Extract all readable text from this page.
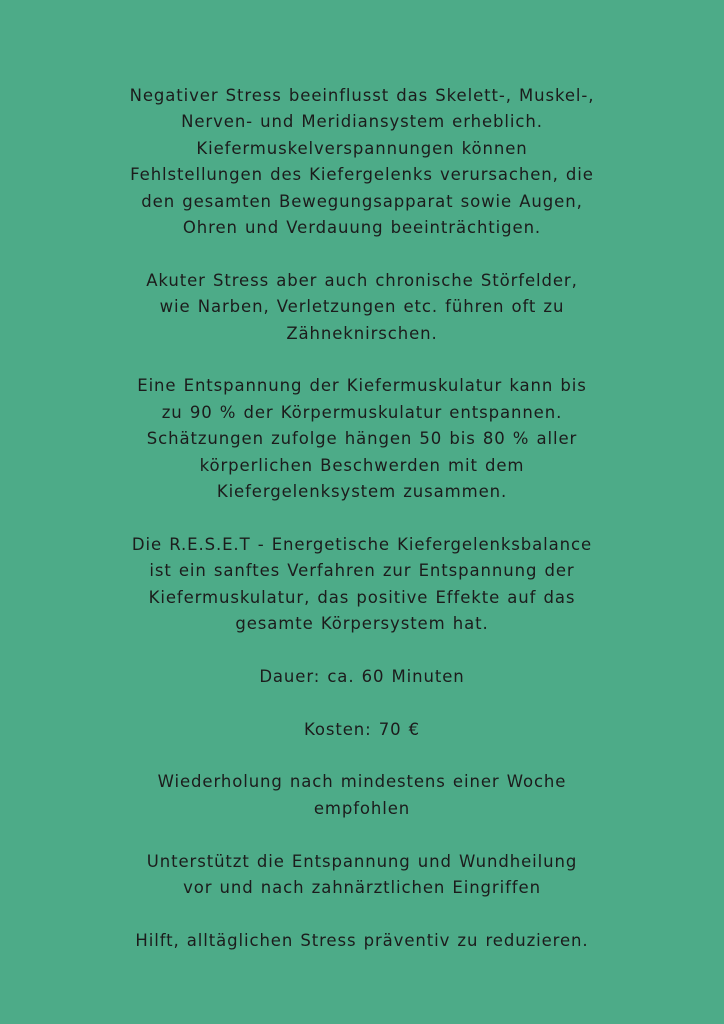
Negativer Stress beeinflusst das Skelett-, Muskel-,
Nerven- und Meridiansystem erheblich.
Kiefermuskelverspannungen können
Fehlstellungen des Kiefergelenks verursachen, die
den gesamten Bewegungsapparat sowie Augen,
Ohren und Verdauung beeinträchtigen.

Akuter Stress aber auch chronische Störfelder,
wie Narben, Verletzungen etc. führen oft zu
Zähneknirschen.

Eine Entspannung der Kiefermuskulatur kann bis
zu 90 % der Körpermuskulatur entspannen.
Schätzungen zufolge hängen 50 bis 80 % aller
körperlichen Beschwerden mit dem
Kiefergelenksystem zusammen.

Die R.E.S.E.T - Energetische Kiefergelenksbalance
ist ein sanftes Verfahren zur Entspannung der
Kiefermuskulatur, das positive Effekte auf das
gesamte Körpersystem hat.

Dauer: ca. 60 Minuten

Kosten: 70 €

Wiederholung nach mindestens einer Woche
empfohlen

Unterstützt die Entspannung und Wundheilung
vor und nach zahnärztlichen Eingriffen

Hilft, alltäglichen Stress präventiv zu reduzieren.
